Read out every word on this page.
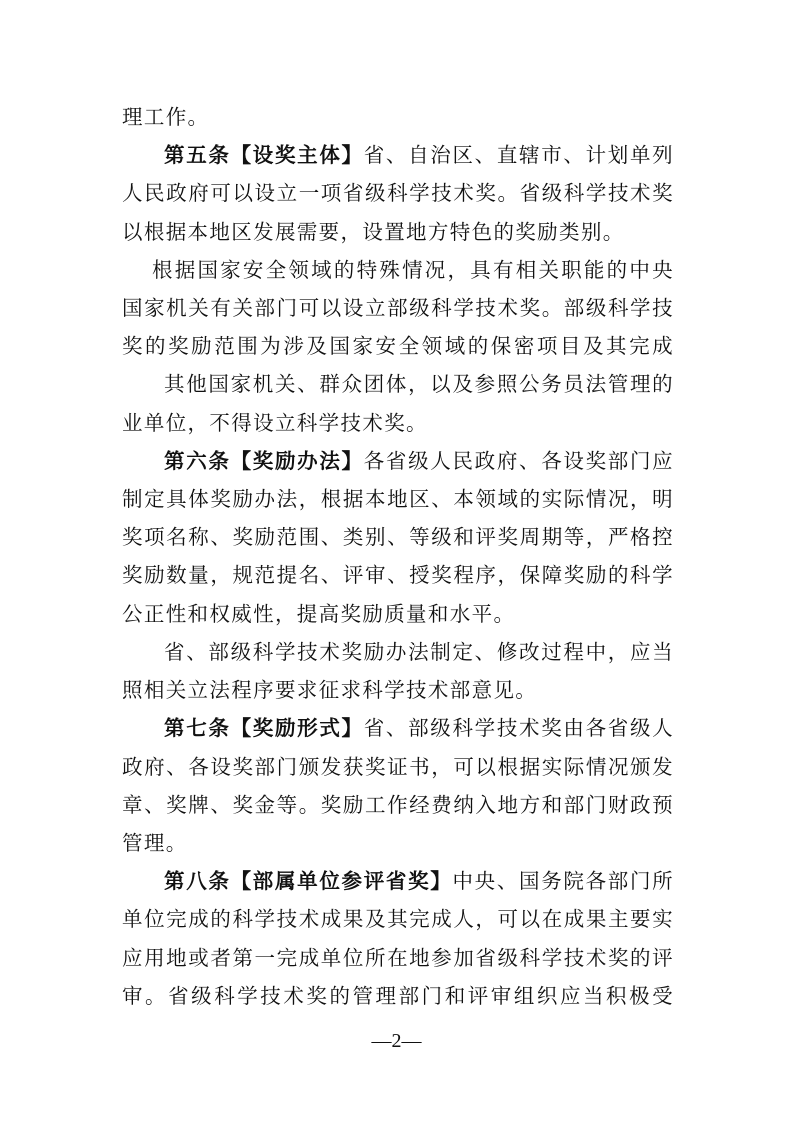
理工作。
第五条【设奖主体】省、自治区、直辖市、计划单列
人民政府可以设立一项省级科学技术奖。省级科学技术奖
以根据本地区发展需要，设置地方特色的奖励类别。
根据国家安全领域的特殊情况，具有相关职能的中央
国家机关有关部门可以设立部级科学技术奖。部级科学技
奖的奖励范围为涉及国家安全领域的保密项目及其完成
其他国家机关、群众团体，以及参照公务员法管理的
业单位，不得设立科学技术奖。
第六条【奖励办法】各省级人民政府、各设奖部门应
制定具体奖励办法，根据本地区、本领域的实际情况，明
奖项名称、奖励范围、类别、等级和评奖周期等，严格控
奖励数量，规范提名、评审、授奖程序，保障奖励的科学
公正性和权威性，提高奖励质量和水平。
省、部级科学技术奖励办法制定、修改过程中，应当
照相关立法程序要求征求科学技术部意见。
第七条【奖励形式】省、部级科学技术奖由各省级人
政府、各设奖部门颁发获奖证书，可以根据实际情况颁发
章、奖牌、奖金等。奖励工作经费纳入地方和部门财政预
管理。
第八条【部属单位参评省奖】中央、国务院各部门所
单位完成的科学技术成果及其完成人，可以在成果主要实
应用地或者第一完成单位所在地参加省级科学技术奖的评
审。省级科学技术奖的管理部门和评审组织应当积极受
—2—
